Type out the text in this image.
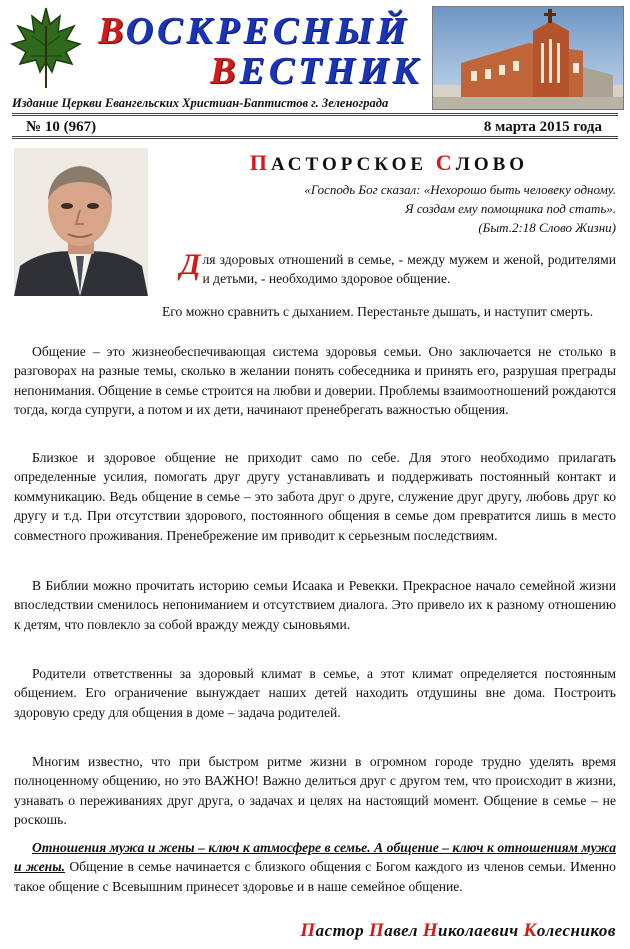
ВОСКРЕСНЫЙ
ВЕСТНИК
Издание Церкви Евангельских Христиан-Баптистов г. Зеленограда
№ 10 (967)	8 марта 2015 года
ПАСТОРСКОЕ СЛОВО
«Господь Бог сказал: «Нехорошо быть человеку одному.
Я создам ему помощника под стать».
(Быт.2:18 Слово Жизни)
Для здоровых отношений в семье, - между мужем и женой, родителями и детьми, - необходимо здоровое общение.
Его можно сравнить с дыханием. Перестаньте дышать, и наступит смерть.
Общение – это жизнеобеспечивающая система здоровья семьи. Оно заключается не столько в разговорах на разные темы, сколько в желании понять собеседника и принять его, разрушая преграды непонимания. Общение в семье строится на любви и доверии. Проблемы взаимоотношений рождаются тогда, когда супруги, а потом и их дети, начинают пренебрегать важностью общения.
Близкое и здоровое общение не приходит само по себе. Для этого необходимо прилагать определенные усилия, помогать друг другу устанавливать и поддерживать постоянный контакт и коммуникацию. Ведь общение в семье – это забота друг о друге, служение друг другу, любовь друг ко другу и т.д. При отсутствии здорового, постоянного общения в семье дом превратится лишь в место совместного проживания. Пренебрежение им приводит к серьезным последствиям.
В Библии можно прочитать историю семьи Исаака и Ревекки. Прекрасное начало семейной жизни впоследствии сменилось непониманием и отсутствием диалога. Это привело их к разному отношению к детям, что повлекло за собой вражду между сыновьями.
Родители ответственны за здоровый климат в семье, а этот климат определяется постоянным общением. Его ограничение вынуждает наших детей находить отдушины вне дома. Построить здоровую среду для общения в доме – задача родителей.
Многим известно, что при быстром ритме жизни в огромном городе трудно уделять время полноценному общению, но это ВАЖНО! Важно делиться друг с другом тем, что происходит в жизни, узнавать о переживаниях друг друга, о задачах и целях на настоящий момент. Общение в семье – не роскошь.
Отношения мужа и жены – ключ к атмосфере в семье. А общение – ключ к отношениям мужа и жены. Общение в семье начинается с близкого общения с Богом каждого из членов семьи. Именно такое общение с Всевышним принесет здоровье и в наше семейное общение.
Пастор Павел Николаевич Колесников
